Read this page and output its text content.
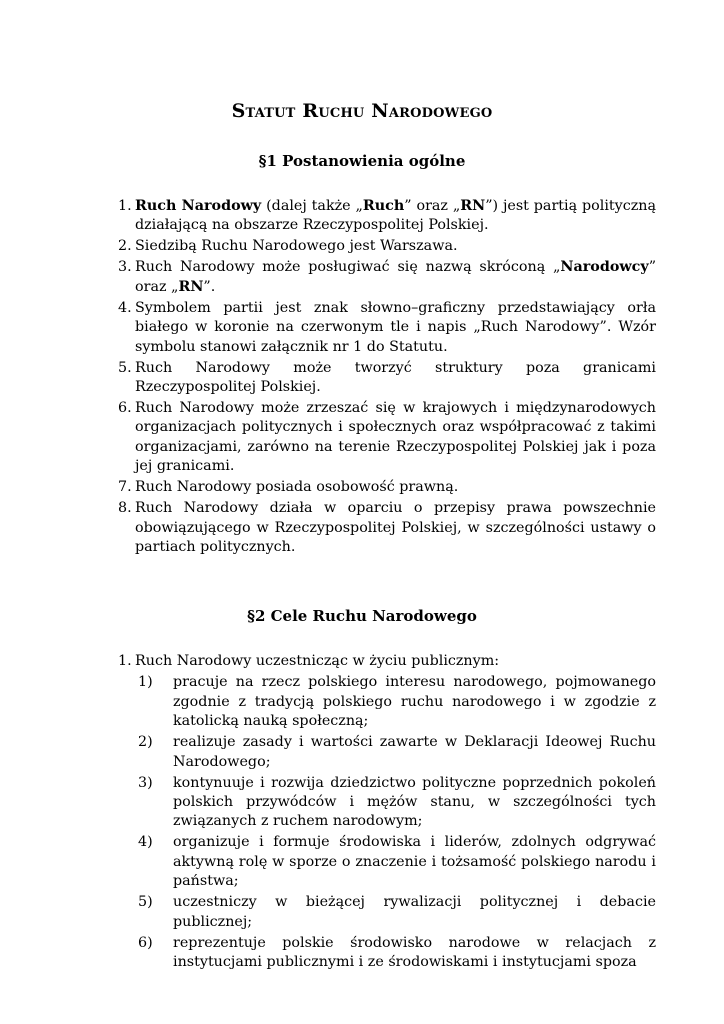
Statut Ruchu Narodowego
§1 Postanowienia ogólne
1. Ruch Narodowy (dalej także „Ruch” oraz „RN”) jest partią polityczną działającą na obszarze Rzeczypospolitej Polskiej.
2. Siedzibą Ruchu Narodowego jest Warszawa.
3. Ruch Narodowy może posługiwać się nazwą skróconą „Narodowcy” oraz „RN”.
4. Symbolem partii jest znak słowno–graficzny przedstawiający orła białego w koronie na czerwonym tle i napis „Ruch Narodowy”. Wzór symbolu stanowi załącznik nr 1 do Statutu.
5. Ruch Narodowy może tworzyć struktury poza granicami Rzeczypospolitej Polskiej.
6. Ruch Narodowy może zrzeszać się w krajowych i międzynarodowych organizacjach politycznych i społecznych oraz współpracować z takimi organizacjami, zarówno na terenie Rzeczypospolitej Polskiej jak i poza jej granicami.
7. Ruch Narodowy posiada osobowość prawną.
8. Ruch Narodowy działa w oparciu o przepisy prawa powszechnie obowiązującego w Rzeczypospolitej Polskiej, w szczególności ustawy o partiach politycznych.
§2 Cele Ruchu Narodowego
1. Ruch Narodowy uczestnicząc w życiu publicznym:
1) pracuje na rzecz polskiego interesu narodowego, pojmowanego zgodnie z tradycją polskiego ruchu narodowego i w zgodzie z katolicką nauką społeczną;
2) realizuje zasady i wartości zawarte w Deklaracji Ideowej Ruchu Narodowego;
3) kontynuuje i rozwija dziedzictwo polityczne poprzednich pokoleń polskich przywódców i mężów stanu, w szczególności tych związanych z ruchem narodowym;
4) organizuje i formuje środowiska i liderów, zdolnych odgrywać aktywną rolę w sporze o znaczenie i tożsamość polskiego narodu i państwa;
5) uczestniczy w bieżącej rywalizacji politycznej i debacie publicznej;
6) reprezentuje polskie środowisko narodowe w relacjach z instytucjami publicznymi i ze środowiskami i instytucjami spoza
